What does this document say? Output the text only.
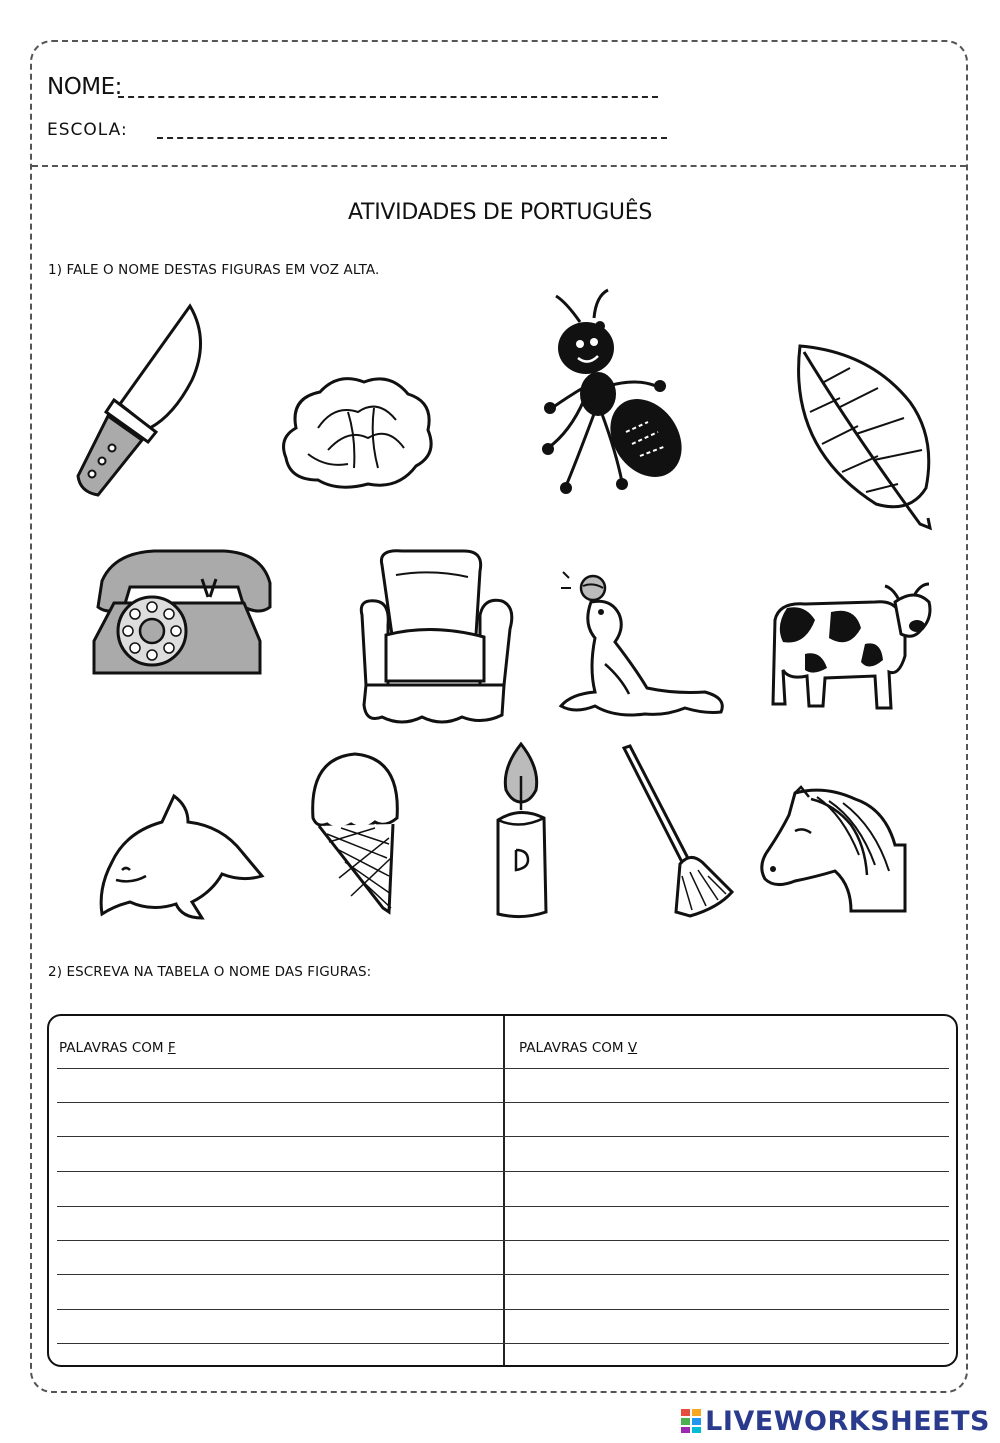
NOME:
ESCOLA:
ATIVIDADES DE PORTUGUÊS
1) FALE O NOME DESTAS FIGURAS EM VOZ ALTA.
2) ESCREVA NA TABELA O NOME DAS FIGURAS:
PALAVRAS COM F	PALAVRAS COM V
LIVEWORKSHEETS
